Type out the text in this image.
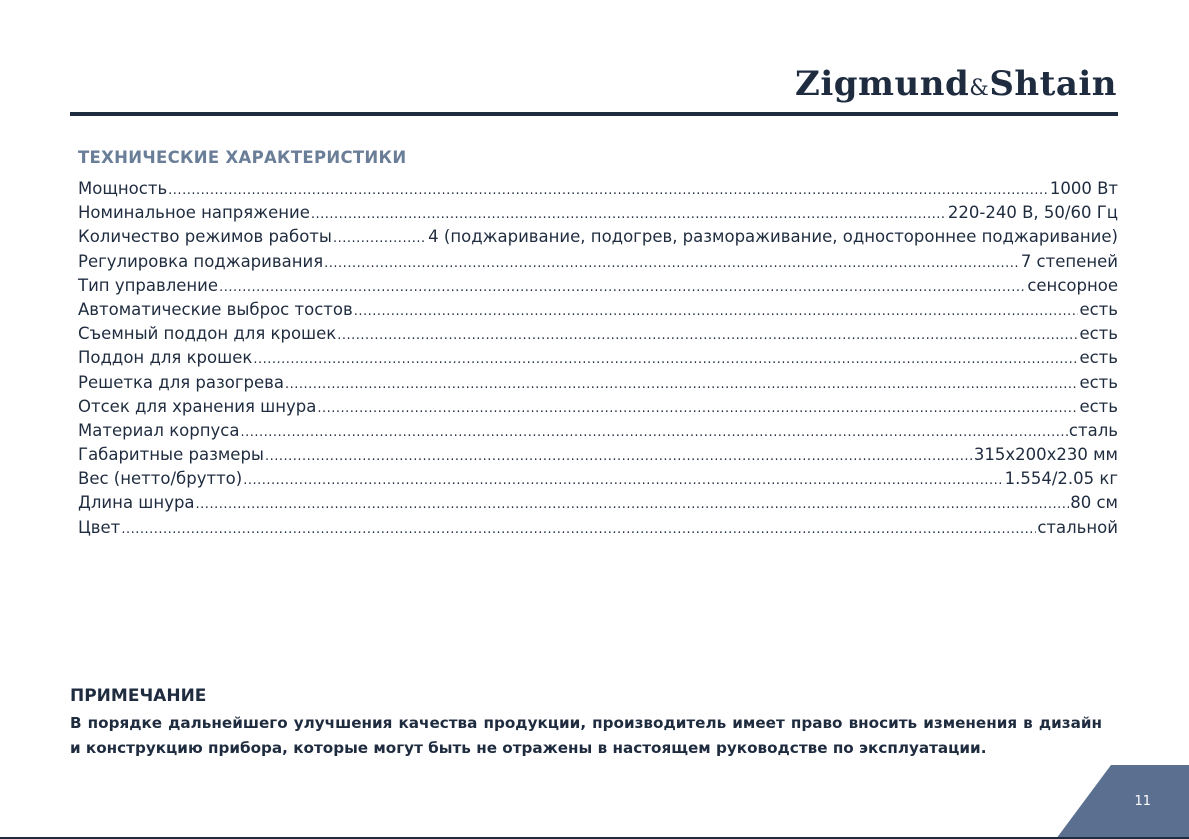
Zigmund&Shtain
ТЕХНИЧЕСКИЕ ХАРАКТЕРИСТИКИ
Мощность .....	1000 Вт
Номинальное напряжение .....	220-240 В, 50/60 Гц
Количество режимов работы .....	4 (поджаривание, подогрев, размораживание, одностороннее поджаривание)
Регулировка поджаривания .....	7 степеней
Тип управление .....	сенсорное
Автоматические выброс тостов .....	есть
Съемный поддон для крошек .....	есть
Поддон для крошек .....	есть
Решетка для разогрева .....	есть
Отсек для хранения шнура .....	есть
Материал корпуса .....	сталь
Габаритные размеры .....	315х200х230 мм
Вес (нетто/брутто) .....	1.554/2.05 кг
Длина шнура .....	80 см
Цвет .....	стальной
ПРИМЕЧАНИЕ
В порядке дальнейшего улучшения качества продукции, производитель имеет право вносить изменения в дизайн и конструкцию прибора, которые могут быть не отражены в настоящем руководстве по эксплуатации.
11
